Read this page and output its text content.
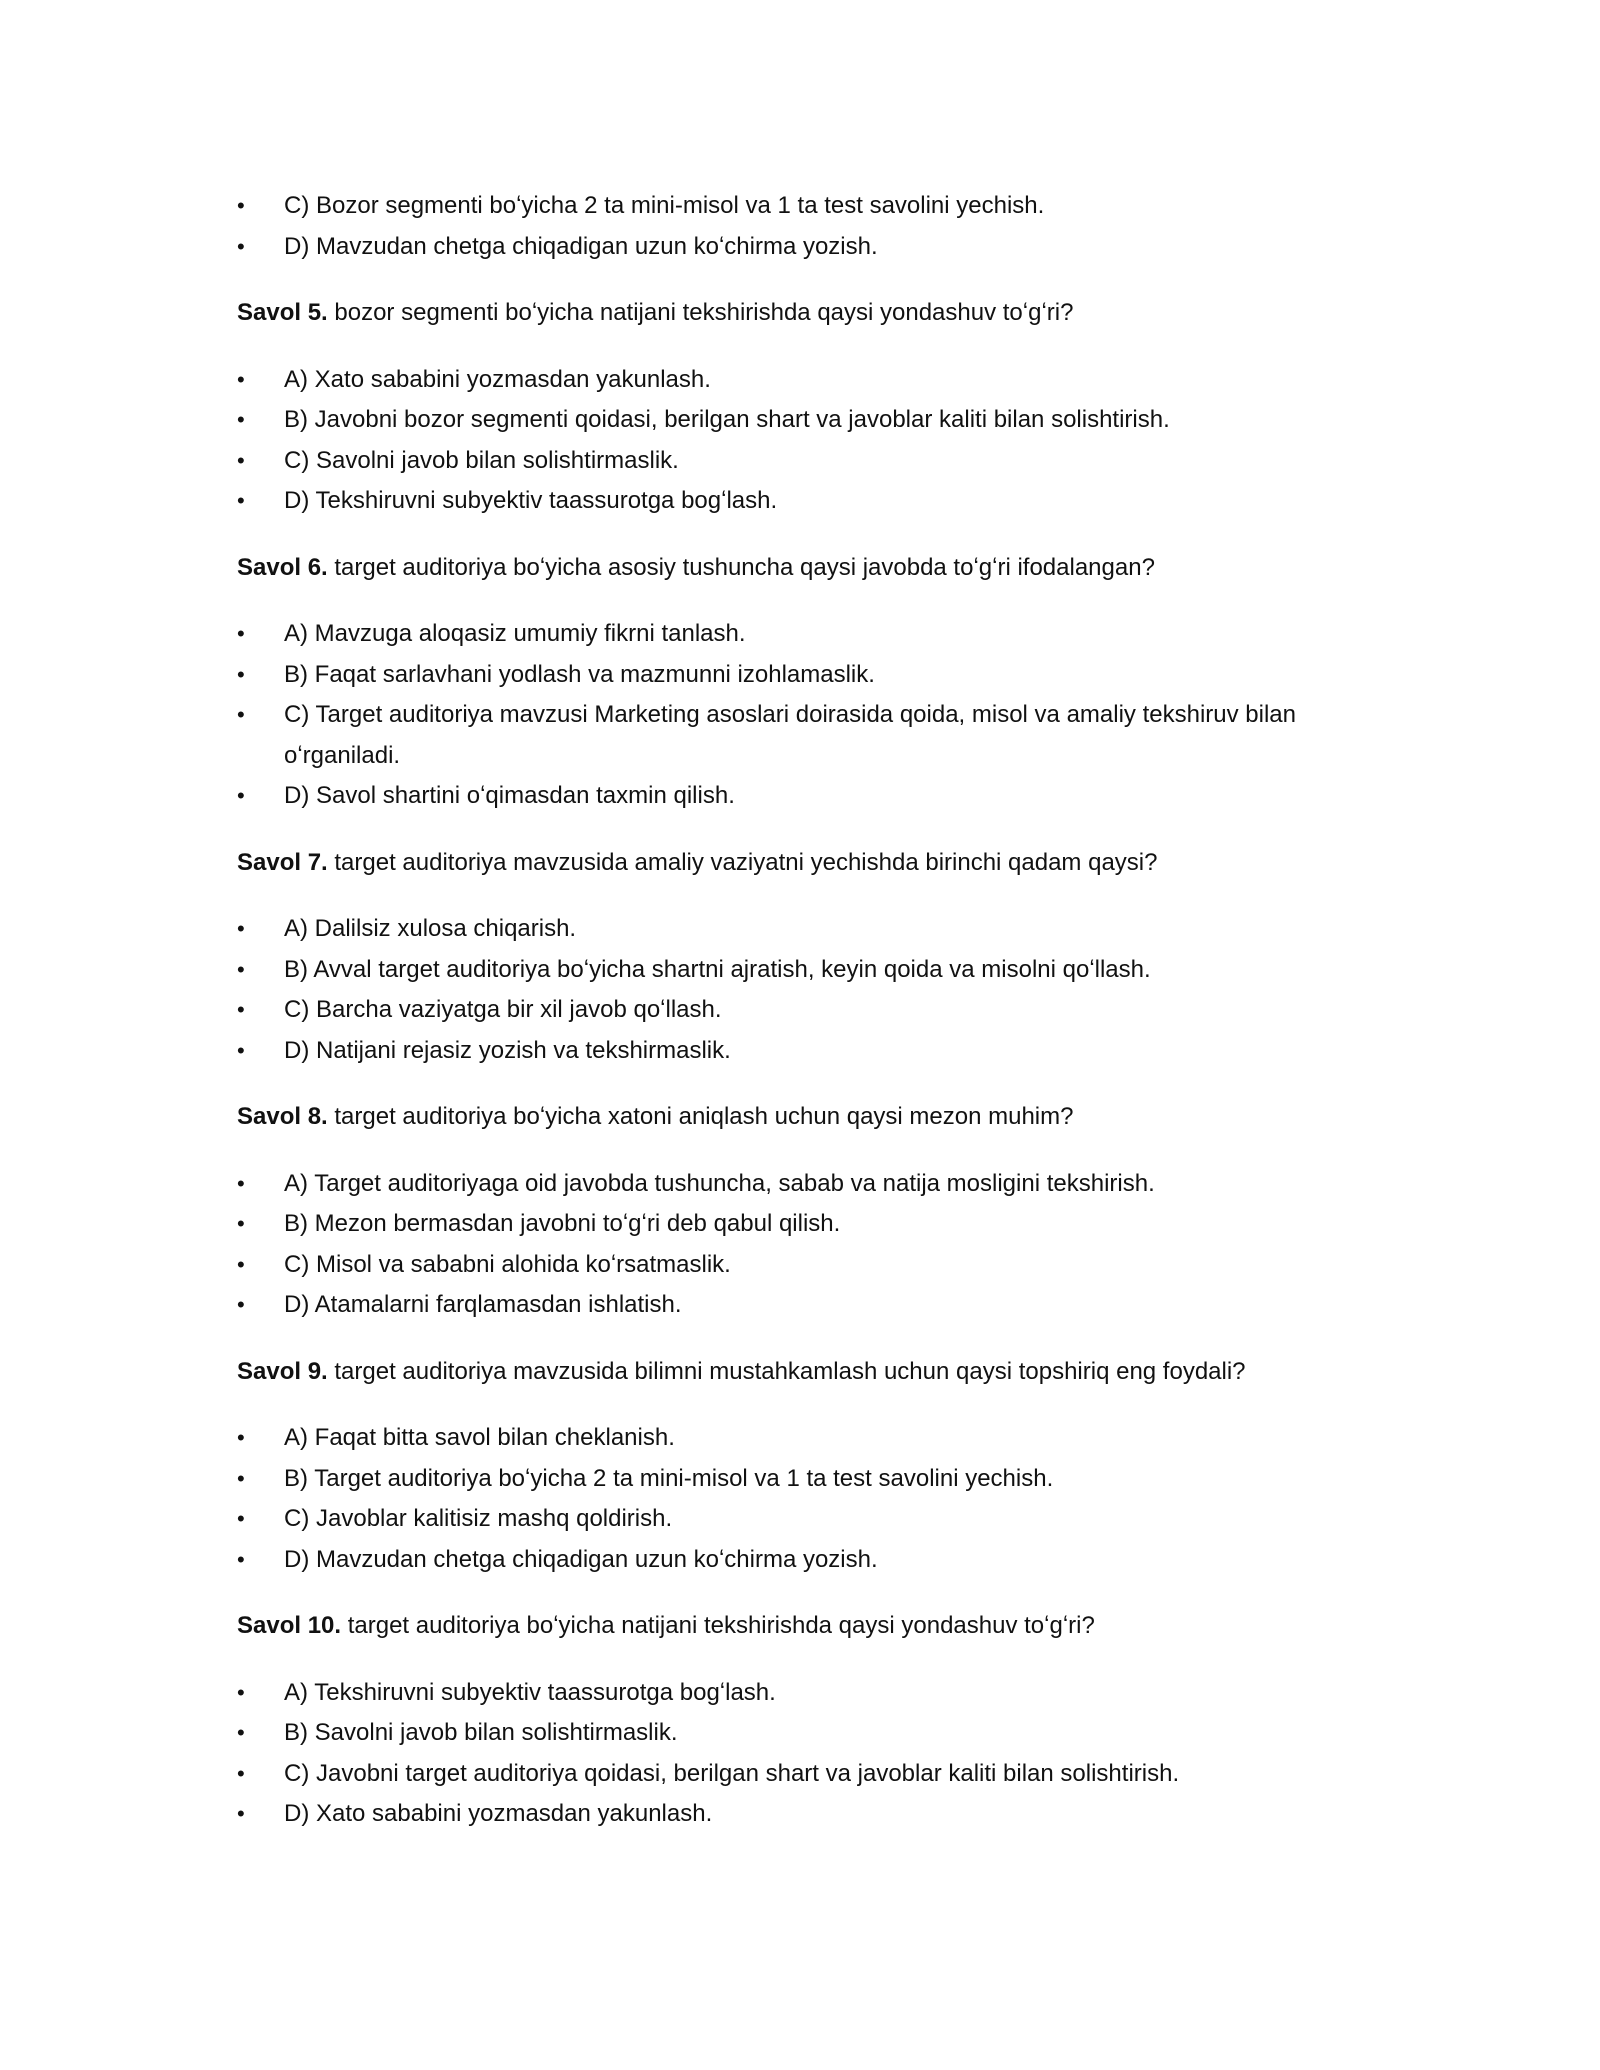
• C) Bozor segmenti boʻyicha 2 ta mini-misol va 1 ta test savolini yechish.
• D) Mavzudan chetga chiqadigan uzun koʻchirma yozish.

Savol 5. bozor segmenti boʻyicha natijani tekshirishda qaysi yondashuv toʻgʻri?

• A) Xato sababini yozmasdan yakunlash.
• B) Javobni bozor segmenti qoidasi, berilgan shart va javoblar kaliti bilan solishtirish.
• C) Savolni javob bilan solishtirmaslik.
• D) Tekshiruvni subyektiv taassurotga bogʻlash.

Savol 6. target auditoriya boʻyicha asosiy tushuncha qaysi javobda toʻgʻri ifodalangan?

• A) Mavzuga aloqasiz umumiy fikrni tanlash.
• B) Faqat sarlavhani yodlash va mazmunni izohlamaslik.
• C) Target auditoriya mavzusi Marketing asoslari doirasida qoida, misol va amaliy tekshiruv bilan oʻrganiladi.
• D) Savol shartini oʻqimasdan taxmin qilish.

Savol 7. target auditoriya mavzusida amaliy vaziyatni yechishda birinchi qadam qaysi?

• A) Dalilsiz xulosa chiqarish.
• B) Avval target auditoriya boʻyicha shartni ajratish, keyin qoida va misolni qoʻllash.
• C) Barcha vaziyatga bir xil javob qoʻllash.
• D) Natijani rejasiz yozish va tekshirmaslik.

Savol 8. target auditoriya boʻyicha xatoni aniqlash uchun qaysi mezon muhim?

• A) Target auditoriyaga oid javobda tushuncha, sabab va natija mosligini tekshirish.
• B) Mezon bermasdan javobni toʻgʻri deb qabul qilish.
• C) Misol va sababni alohida koʻrsatmaslik.
• D) Atamalarni farqlamasdan ishlatish.

Savol 9. target auditoriya mavzusida bilimni mustahkamlash uchun qaysi topshiriq eng foydali?

• A) Faqat bitta savol bilan cheklanish.
• B) Target auditoriya boʻyicha 2 ta mini-misol va 1 ta test savolini yechish.
• C) Javoblar kalitisiz mashq qoldirish.
• D) Mavzudan chetga chiqadigan uzun koʻchirma yozish.

Savol 10. target auditoriya boʻyicha natijani tekshirishda qaysi yondashuv toʻgʻri?

• A) Tekshiruvni subyektiv taassurotga bogʻlash.
• B) Savolni javob bilan solishtirmaslik.
• C) Javobni target auditoriya qoidasi, berilgan shart va javoblar kaliti bilan solishtirish.
• D) Xato sababini yozmasdan yakunlash.
